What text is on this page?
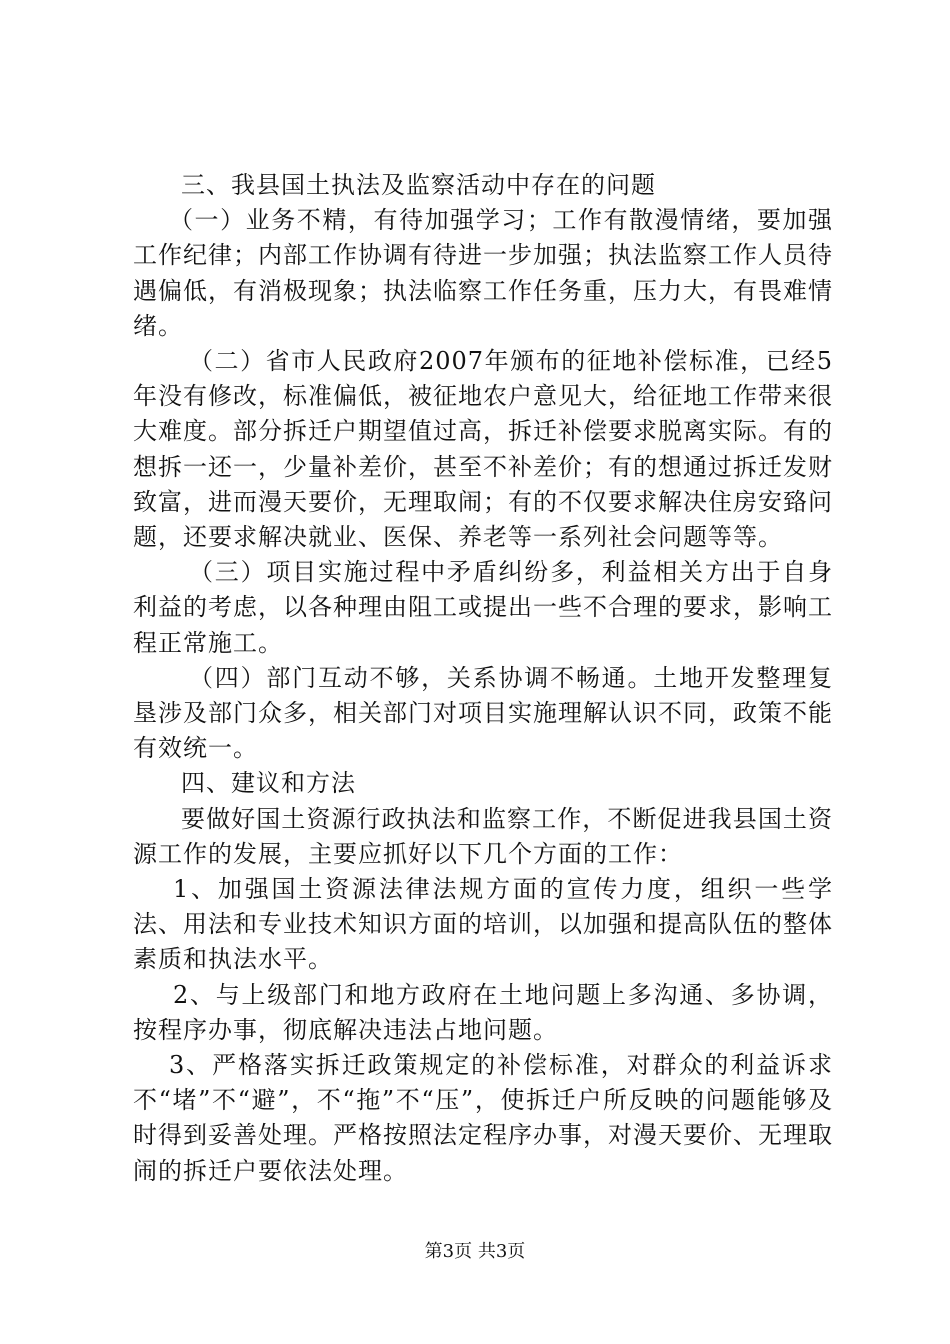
三、我县国土执法及监察活动中存在的问题

（一）业务不精，有待加强学习；工作有散漫情绪，要加强工作纪律；内部工作协调有待进一步加强；执法监察工作人员待遇偏低，有消极现象；执法临察工作任务重，压力大，有畏难情绪。

（二）省市人民政府2007年颁布的征地补偿标准，已经5年没有修改，标准偏低，被征地农户意见大，给征地工作带来很大难度。部分拆迁户期望值过高，拆迁补偿要求脱离实际。有的想拆一还一，少量补差价，甚至不补差价；有的想通过拆迁发财致富，进而漫天要价，无理取闹；有的不仅要求解决住房安臵问题，还要求解决就业、医保、养老等一系列社会问题等等。

（三）项目实施过程中矛盾纠纷多，利益相关方出于自身利益的考虑，以各种理由阻工或提出一些不合理的要求，影响工程正常施工。

（四）部门互动不够，关系协调不畅通。土地开发整理复垦涉及部门众多，相关部门对项目实施理解认识不同，政策不能有效统一。

四、建议和方法

要做好国土资源行政执法和监察工作，不断促进我县国土资源工作的发展，主要应抓好以下几个方面的工作：

1、加强国土资源法律法规方面的宣传力度，组织一些学法、用法和专业技术知识方面的培训，以加强和提高队伍的整体素质和执法水平。

2、与上级部门和地方政府在土地问题上多沟通、多协调，按程序办事，彻底解决违法占地问题。

3、严格落实拆迁政策规定的补偿标准，对群众的利益诉求不“堵”不“避”，不“拖”不“压”，使拆迁户所反映的问题能够及时得到妥善处理。严格按照法定程序办事，对漫天要价、无理取闹的拆迁户要依法处理。

第3页 共3页
